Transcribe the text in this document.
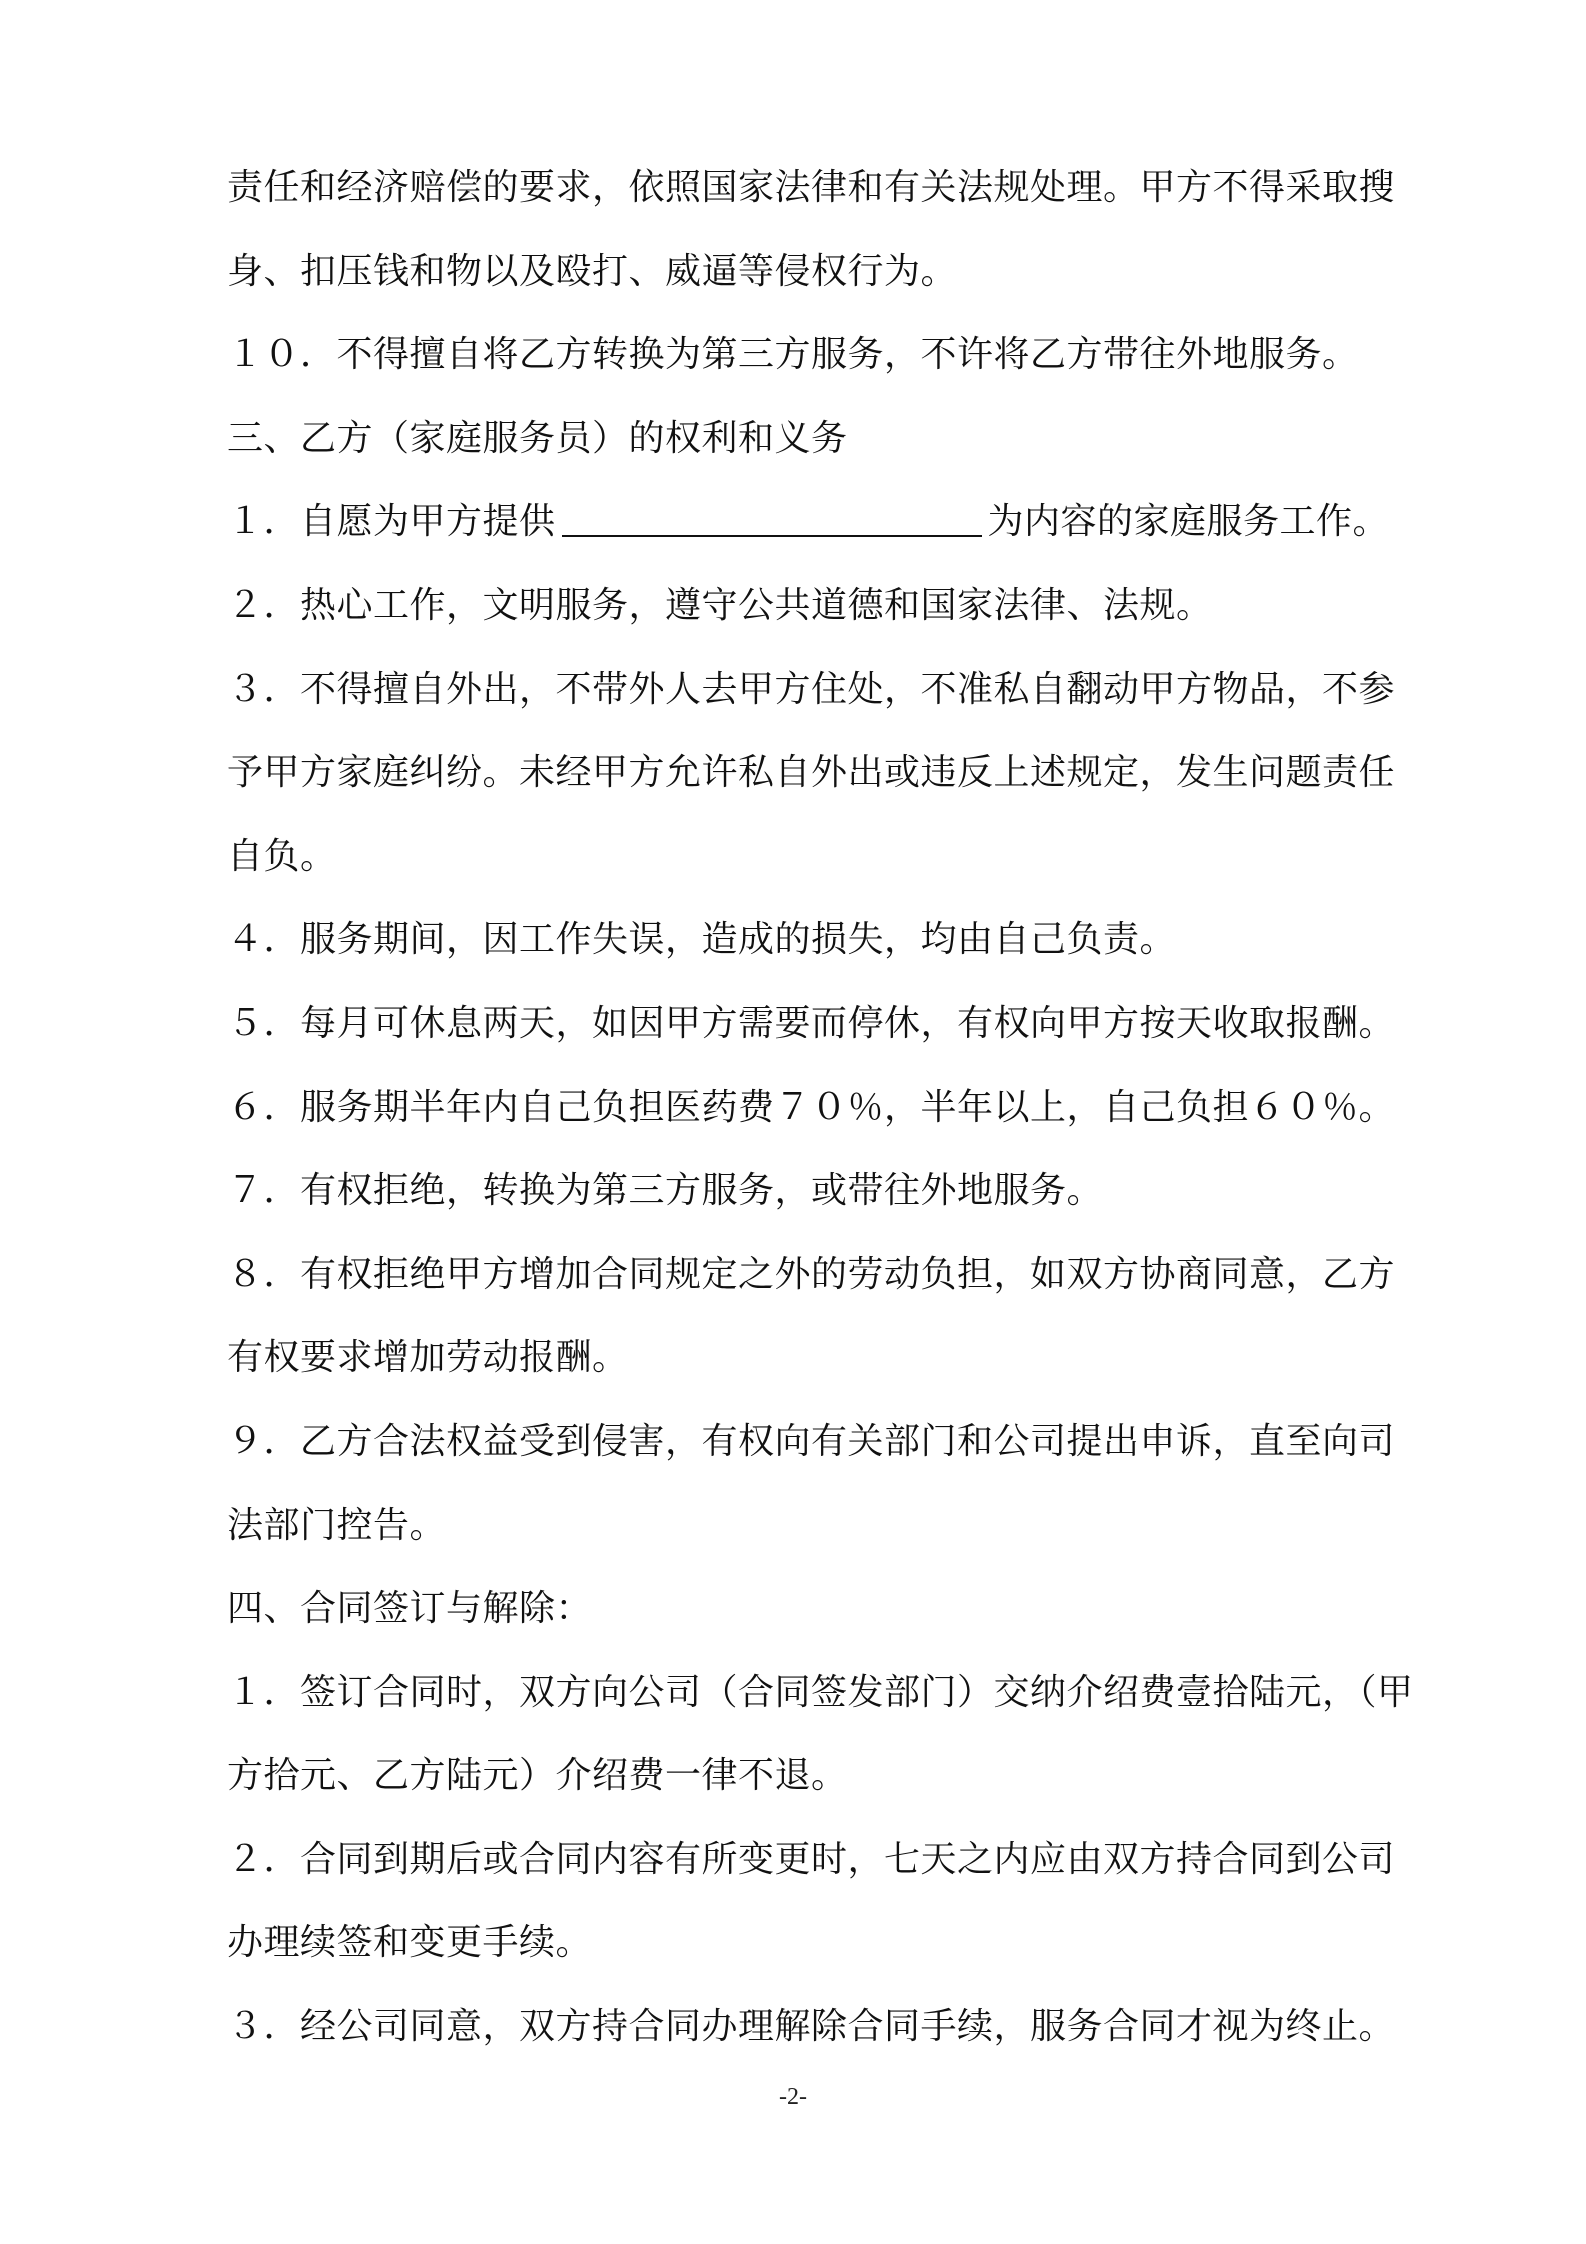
责任和经济赔偿的要求，依照国家法律和有关法规处理。甲方不得采取搜
身、扣压钱和物以及殴打、威逼等侵权行为。
１０．不得擅自将乙方转换为第三方服务，不许将乙方带往外地服务。
三、乙方（家庭服务员）的权利和义务
１．自愿为甲方提供	为内容的家庭服务工作。
２．热心工作，文明服务，遵守公共道德和国家法律、法规。
３．不得擅自外出，不带外人去甲方住处，不准私自翻动甲方物品，不参
予甲方家庭纠纷。未经甲方允许私自外出或违反上述规定，发生问题责任
自负。
４．服务期间，因工作失误，造成的损失，均由自己负责。
５．每月可休息两天，如因甲方需要而停休，有权向甲方按天收取报酬。
６．服务期半年内自己负担医药费７０％，半年以上，自己负担６０％。
７．有权拒绝，转换为第三方服务，或带往外地服务。
８．有权拒绝甲方增加合同规定之外的劳动负担，如双方协商同意，乙方
有权要求增加劳动报酬。
９．乙方合法权益受到侵害，有权向有关部门和公司提出申诉，直至向司
法部门控告。
四、合同签订与解除：
１．签订合同时，双方向公司（合同签发部门）交纳介绍费壹拾陆元，（甲
方拾元、乙方陆元）介绍费一律不退。
２．合同到期后或合同内容有所变更时，七天之内应由双方持合同到公司
办理续签和变更手续。
３．经公司同意，双方持合同办理解除合同手续，服务合同才视为终止。
-2-
